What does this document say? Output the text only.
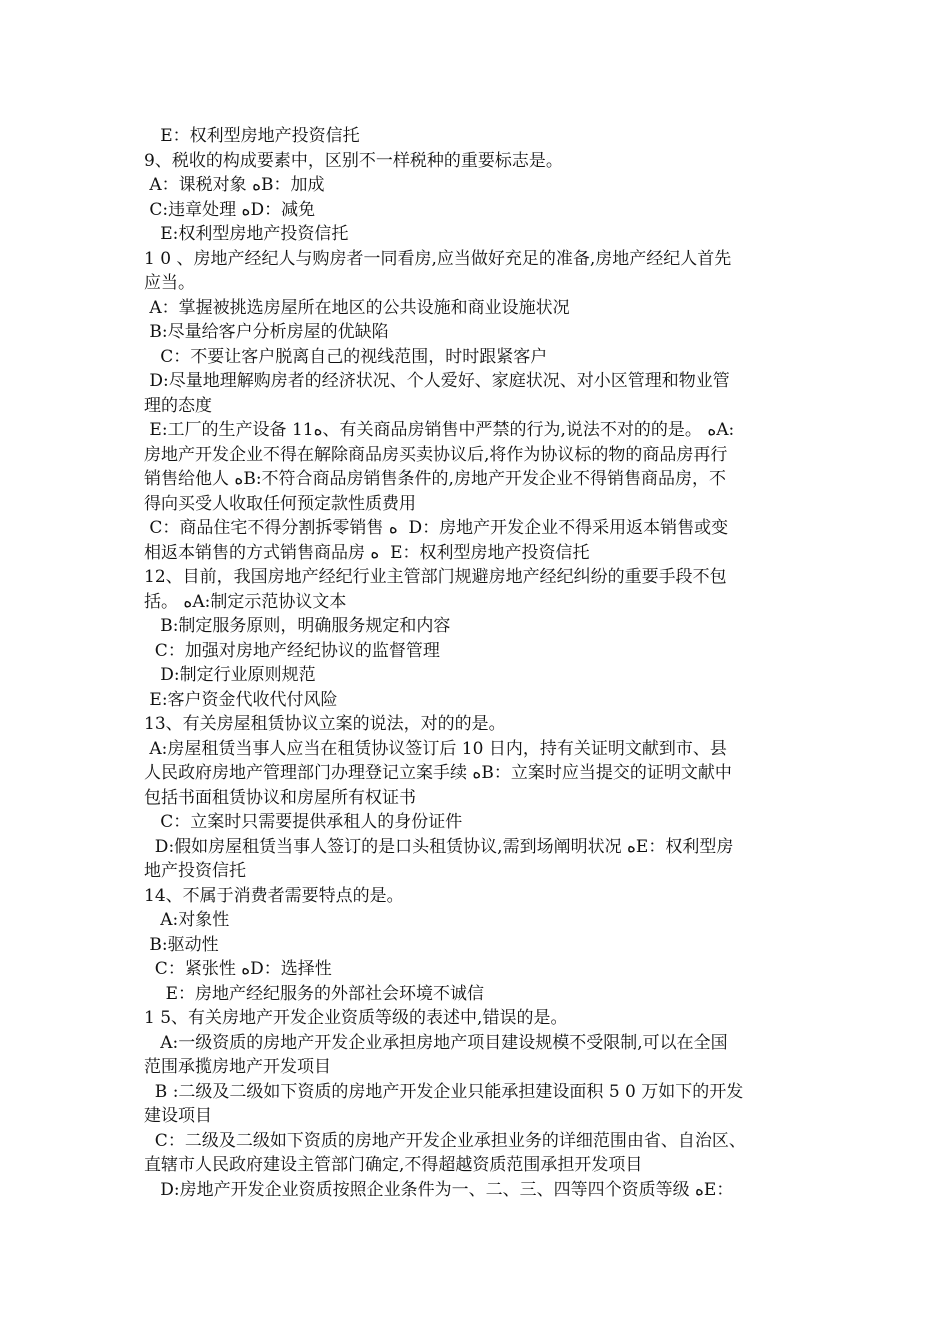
E：权利型房地产投资信托
9、税收的构成要素中，区别不一样税种的重要标志是。
A：课税对象 ﻩB：加成
C:违章处理 ﻩD：减免
E:权利型房地产投资信托
1 0 、房地产经纪人与购房者一同看房,应当做好充足的准备,房地产经纪人首先
应当。
A：掌握被挑选房屋所在地区的公共设施和商业设施状况
B:尽量给客户分析房屋的优缺陷
C：不要让客户脱离自己的视线范围，时时跟紧客户
D:尽量地理解购房者的经济状况、个人爱好、家庭状况、对小区管理和物业管
理的态度
E:工厂的生产设备 11ﻩ、有关商品房销售中严禁的行为,说法不对的的是。 ﻩA:
房地产开发企业不得在解除商品房买卖协议后,将作为协议标的物的商品房再行
销售给他人 ﻩB:不符合商品房销售条件的,房地产开发企业不得销售商品房，不
得向买受人收取任何预定款性质费用
C：商品住宅不得分割拆零销售 ﻩ  D：房地产开发企业不得采用返本销售或变
相返本销售的方式销售商品房 ﻩ  E：权利型房地产投资信托
12、目前，我国房地产经纪行业主管部门规避房地产经纪纠纷的重要手段不包
括。 ﻩA:制定示范协议文本
B:制定服务原则，明确服务规定和内容
C：加强对房地产经纪协议的监督管理
D:制定行业原则规范
E:客户资金代收代付风险
13、有关房屋租赁协议立案的说法，对的的是。
A:房屋租赁当事人应当在租赁协议签订后 10 日内，持有关证明文献到市、县
人民政府房地产管理部门办理登记立案手续 ﻩB：立案时应当提交的证明文献中
包括书面租赁协议和房屋所有权证书
C：立案时只需要提供承租人的身份证件
D:假如房屋租赁当事人签订的是口头租赁协议,需到场阐明状况 ﻩE：权利型房
地产投资信托
14、不属于消费者需要特点的是。
A:对象性
B:驱动性
C：紧张性 ﻩD：选择性
E：房地产经纪服务的外部社会环境不诚信
1 5、有关房地产开发企业资质等级的表述中,错误的是。
A:一级资质的房地产开发企业承担房地产项目建设规模不受限制,可以在全国
范围承揽房地产开发项目
B :二级及二级如下资质的房地产开发企业只能承担建设面积 5 0 万如下的开发
建设项目
C：二级及二级如下资质的房地产开发企业承担业务的详细范围由省、自治区、
直辖市人民政府建设主管部门确定,不得超越资质范围承担开发项目
D:房地产开发企业资质按照企业条件为一、二、三、四等四个资质等级 ﻩE：
